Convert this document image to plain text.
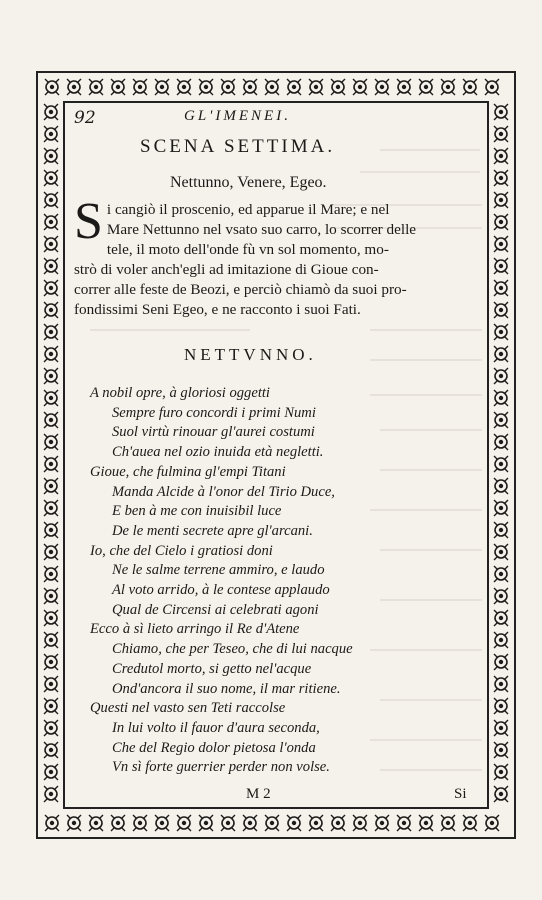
92	GL'IMENEI.
SCENA SETTIMA.
Nettunno, Venere, Egeo.
S i cangiò il proscenio, ed apparue il Mare; e nel
Mare Nettunno nel vsato suo carro, lo scorrer delle
tele, il moto dell'onde fù vn sol momento, mo-
strò di voler anch'egli ad imitazione di Gioue con-
correr alle feste de Beozi, e perciò chiamò da suoi pro-
fondissimi Seni Egeo, e ne racconto i suoi Fati.
NETTVNNO.
A nobil opre, à gloriosi oggetti
Sempre furo concordi i primi Numi
Suol virtù rinouar gl'aurei costumi
Ch'auea nel ozio inuida età negletti.
Gioue, che fulmina gl'empi Titani
Manda Alcide à l'onor del Tirio Duce,
E ben à me con inuisibil luce
De le menti secrete apre gl'arcani.
Io, che del Cielo i gratiosi doni
Ne le salme terrene ammiro, e laudo
Al voto arrido, à le contese applaudo
Qual de Circensi ai celebrati agoni
Ecco à sì lieto arringo il Re d'Atene
Chiamo, che per Teseo, che di lui nacque
Credutol morto, si getto nel'acque
Ond'ancora il suo nome, il mar ritiene.
Questi nel vasto sen Teti raccolse
In lui volto il fauor d'aura seconda,
Che del Regio dolor pietosa l'onda
Vn sì forte guerrier perder non volse.
M 2	Si
